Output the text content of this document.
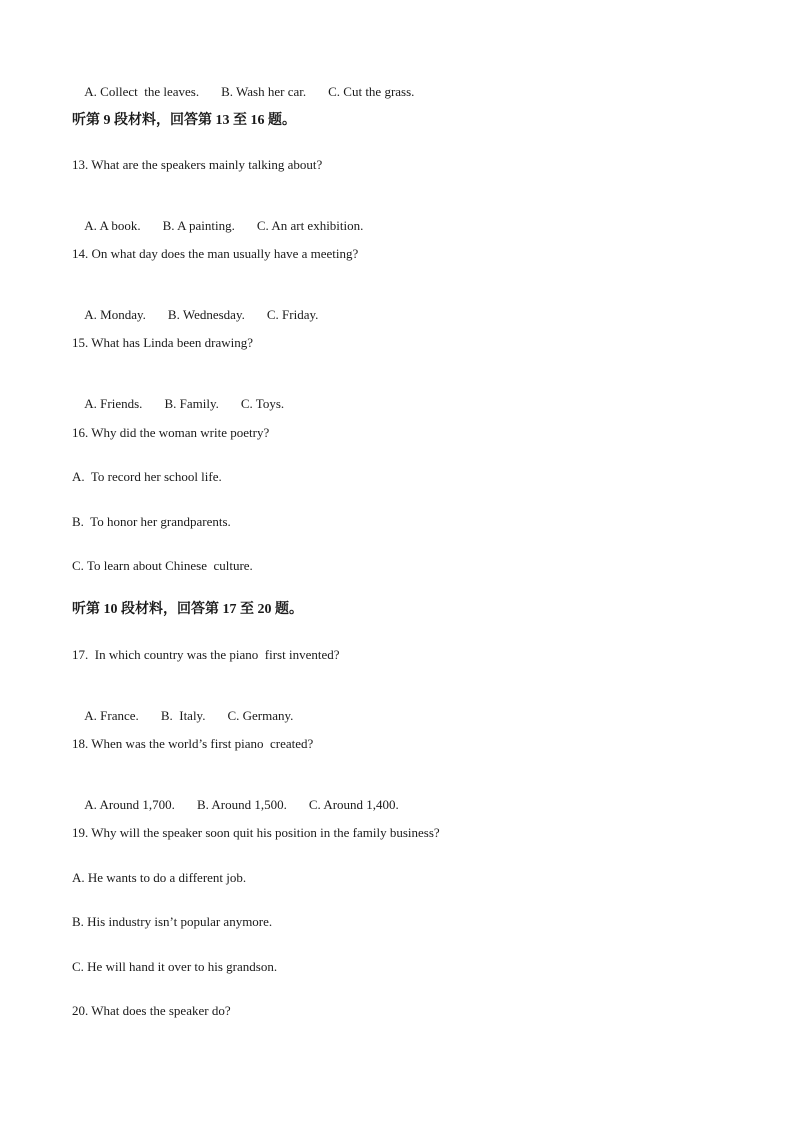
A. Collect  the leaves. B. Wash her car. C. Cut the grass.

听第 9 段材料，回答第 13 至 16 题。
13. What are the speakers mainly talking about?

A. A book. B. A painting. C. An art exhibition.

14. On what day does the man usually have a meeting?

A. Monday. B. Wednesday. C. Friday.

15. What has Linda been drawing?

A. Friends. B. Family. C. Toys.

16. Why did the woman write poetry?
A.  To record her school life.
B.  To honor her grandparents.
C. To learn about Chinese  culture.
听第 10 段材料，回答第 17 至 20 题。
17.  In which country was the piano  first invented?

A. France. B.  Italy. C. Germany.

18. When was the world’s first piano  created?

A. Around 1,700. B. Around 1,500. C. Around 1,400.

19. Why will the speaker soon quit his position in the family business?
A. He wants to do a different job.
B. His industry isn’t popular anymore.
C. He will hand it over to his grandson.
20. What does the speaker do?
